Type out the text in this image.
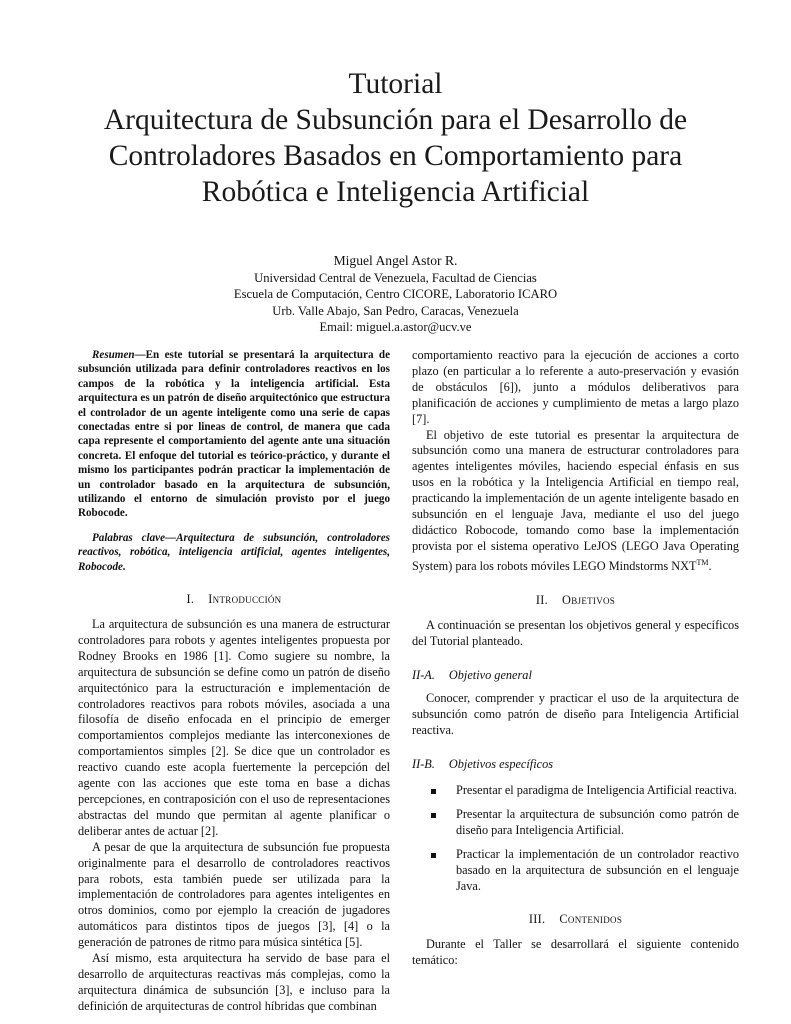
Tutorial
Arquitectura de Subsunción para el Desarrollo de
Controladores Basados en Comportamiento para
Robótica e Inteligencia Artificial
Miguel Angel Astor R.
Universidad Central de Venezuela, Facultad de Ciencias
Escuela de Computación, Centro CICORE, Laboratorio ICARO
Urb. Valle Abajo, San Pedro, Caracas, Venezuela
Email: miguel.a.astor@ucv.ve

Resumen—En este tutorial se presentará la arquitectura de subsunción utilizada para definir controladores reactivos en los campos de la robótica y la inteligencia artificial. Esta arquitectura es un patrón de diseño arquitectónico que estructura el controlador de un agente inteligente como una serie de capas conectadas entre si por lineas de control, de manera que cada capa represente el comportamiento del agente ante una situación concreta. El enfoque del tutorial es teórico-práctico, y durante el mismo los participantes podrán practicar la implementación de un controlador basado en la arquitectura de subsunción, utilizando el entorno de simulación provisto por el juego Robocode.

Palabras clave—Arquitectura de subsunción, controladores reactivos, robótica, inteligencia artificial, agentes inteligentes, Robocode.

I. Introducción

La arquitectura de subsunción es una manera de estructurar controladores para robots y agentes inteligentes propuesta por Rodney Brooks en 1986 [1]. Como sugiere su nombre, la arquitectura de subsunción se define como un patrón de diseño arquitectónico para la estructuración e implementación de controladores reactivos para robots móviles, asociada a una filosofía de diseño enfocada en el principio de emerger comportamientos complejos mediante las interconexiones de comportamientos simples [2]. Se dice que un controlador es reactivo cuando este acopla fuertemente la percepción del agente con las acciones que este toma en base a dichas percepciones, en contraposición con el uso de representaciones abstractas del mundo que permitan al agente planificar o deliberar antes de actuar [2].

A pesar de que la arquitectura de subsunción fue propuesta originalmente para el desarrollo de controladores reactivos para robots, esta también puede ser utilizada para la implementación de controladores para agentes inteligentes en otros dominios, como por ejemplo la creación de jugadores automáticos para distintos tipos de juegos [3], [4] o la generación de patrones de ritmo para música sintética [5].

Así mismo, esta arquitectura ha servido de base para el desarrollo de arquitecturas reactivas más complejas, como la arquitectura dinámica de subsunción [3], e incluso para la definición de arquitecturas de control híbridas que combinan

comportamiento reactivo para la ejecución de acciones a corto plazo (en particular a lo referente a auto-preservación y evasión de obstáculos [6]), junto a módulos deliberativos para planificación de acciones y cumplimiento de metas a largo plazo [7].

El objetivo de este tutorial es presentar la arquitectura de subsunción como una manera de estructurar controladores para agentes inteligentes móviles, haciendo especial énfasis en sus usos en la robótica y la Inteligencia Artificial en tiempo real, practicando la implementación de un agente inteligente basado en subsunción en el lenguaje Java, mediante el uso del juego didáctico Robocode, tomando como base la implementación provista por el sistema operativo LeJOS (LEGO Java Operating System) para los robots móviles LEGO Mindstorms NXT™.

II. Objetivos

A continuación se presentan los objetivos general y específicos del Tutorial planteado.

II-A. Objetivo general

Conocer, comprender y practicar el uso de la arquitectura de subsunción como patrón de diseño para Inteligencia Artificial reactiva.

II-B. Objetivos específicos
Presentar el paradigma de Inteligencia Artificial reactiva.
Presentar la arquitectura de subsunción como patrón de diseño para Inteligencia Artificial.
Practicar la implementación de un controlador reactivo basado en la arquitectura de subsunción en el lenguaje Java.
III. Contenidos

Durante el Taller se desarrollará el siguiente contenido temático:
